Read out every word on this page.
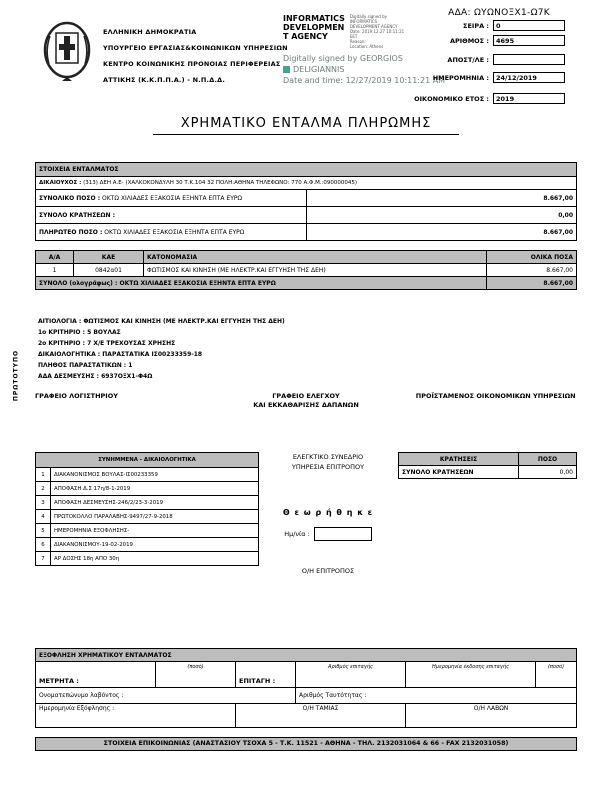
ΕΛΛΗΝΙΚΗ ΔΗΜΟΚΡΑΤΙΑ
ΥΠΟΥΡΓΕΙΟ ΕΡΓΑΣΙΑΣ&ΚΟΙΝΩΝΙΚΩΝ ΥΠΗΡΕΣΙΩΝ
ΚΕΝΤΡΟ ΚΟΙΝΩΝΙΚΗΣ ΠΡΟΝΟΙΑΣ ΠΕΡΙΦΕΡΕΙΑΣ
ΑΤΤΙΚΗΣ (Κ.Κ.Π.Π.Α.) - Ν.Π.Δ.Δ.
INFORMATICS
DEVELOPMEN
T AGENCY
Digitally signed by
INFORMATICS
DEVELOPMENT AGENCY
Date: 2019.12.27 10:11:21
EET
Reason:
Location: Athens
Digitally signed by GEORGIOS
DELIGIANNIS
Date and time: 12/27/2019 10:11:21 AM
ΑΔΑ: ΩΥΩΝΟΞΧ1-Ω7Κ
ΣΕΙΡΑ :	0
ΑΡΙΘΜΟΣ :	4695
ΑΠΟΣΤ/ΛΕ :
ΗΜΕΡΟΜΗΝΙΑ :	24/12/2019
ΟΙΚΟΝΟΜΙΚΟ ΕΤΟΣ :	2019
ΧΡΗΜΑΤΙΚΟ ΕΝΤΑΛΜΑ ΠΛΗΡΩΜΗΣ
ΠΡΩΤΟΤΥΠΟ
ΣΤΟΙΧΕΙΑ ΕΝΤΑΛΜΑΤΟΣ	
ΔΙΚΑΙΟΥΧΟΣ : (313) ΔΕΗ Α.Ε- (ΧΑΛΚΟΚΟΝΔΥΛΗ 30 Τ.Κ.104 32 ΠΟΛΗ:ΑΘΗΝΑ ΤΗΛΕΦΩΝΟ: 770 Α.Φ.Μ.:090000045)	
ΣΥΝΟΛΙΚΟ ΠΟΣΟ : ΟΚΤΩ ΧΙΛΙΑΔΕΣ ΕΞΑΚΟΣΙΑ ΕΞΗΝΤΑ ΕΠΤΑ ΕΥΡΩ	8.667,00
ΣΥΝΟΛΟ ΚΡΑΤΗΣΕΩΝ :	0,00
ΠΛΗΡΩΤΕΟ ΠΟΣΟ : ΟΚΤΩ ΧΙΛΙΑΔΕΣ ΕΞΑΚΟΣΙΑ ΕΞΗΝΤΑ ΕΠΤΑ ΕΥΡΩ	8.667,00
Α/Α	ΚΑΕ	ΚΑΤΟΝΟΜΑΣΙΑ	ΟΛΙΚΑ ΠΟΣΑ
1	0842α01	ΦΩΤΙΣΜΟΣ ΚΑΙ ΚΙΝΗΣΗ (ΜΕ ΗΛΕΚΤΡ.ΚΑΙ ΕΓΓΥΗΣΗ ΤΗΣ ΔΕΗ)	8.667,00
ΣΥΝΟΛΟ (ολογράφως) : ΟΚΤΩ ΧΙΛΙΑΔΕΣ ΕΞΑΚΟΣΙΑ ΕΞΗΝΤΑ ΕΠΤΑ ΕΥΡΩ			8.667,00
ΑΙΤΙΟΛΟΓΙΑ : ΦΩΤΙΣΜΟΣ ΚΑΙ ΚΙΝΗΣΗ (ΜΕ ΗΛΕΚΤΡ.ΚΑΙ ΕΓΓΥΗΣΗ ΤΗΣ ΔΕΗ)
1ο ΚΡΙΤΗΡΙΟ : 5 ΒΟΥΛΑΣ
2ο ΚΡΙΤΗΡΙΟ : 7 Χ/Ε ΤΡΕΧΟΥΣΑΣ ΧΡΗΣΗΣ
ΔΙΚΑΙΟΛΟΓΗΤΙΚΑ : ΠΑΡΑΣΤΑΤΙΚΑ ΙΣ00233359-18
ΠΛΗΘΟΣ ΠΑΡΑΣΤΑΤΙΚΩΝ : 1
ΑΔΑ ΔΕΣΜΕΥΣΗΣ : 6937ΟΞΧ1-Φ4Ω
ΓΡΑΦΕΙΟ ΛΟΓΙΣΤΗΡΙΟΥ	ΓΡΑΦΕΙΟ ΕΛΕΓΧΟΥ
ΚΑΙ ΕΚΚΑΘΑΡΙΣΗΣ ΔΑΠΑΝΩΝ
ΠΡΟΪΣΤΑΜΕΝΟΣ ΟΙΚΟΝΟΜΙΚΩΝ ΥΠΗΡΕΣΙΩΝ
ΣΥΝΗΜΜΕΝΑ - ΔΙΚΑΙΟΛΟΓΗΤΙΚΑ	
1	ΔΙΑΚΑΝΟΝΙΣΜΟΣ ΒΟΥΛΑΣ-ΙΣ00233359
2	ΑΠΟΦΑΣΗ Δ.Σ 17η/8-1-2019
3	ΑΠΟΦΑΣΗ ΔΕΣΜΕΥΣΗΣ-246/2/23-3-2019
4	ΠΡΩΤΟΚΟΛΛΟ ΠΑΡΑΛΑΒΗΣ-9497/27-9-2018
5	ΗΜΕΡΟΜΗΝΙΑ ΕΞΟΦΛΗΣΗΣ-
6	ΔΙΑΚΑΝΟΝΙΣΜΟΥ-19-02-2019
7	ΑΡ ΔΟΣΗΣ 18η ΑΠΟ 30η
ΕΛΕΓΚΤΙΚΟ ΣΥΝΕΔΡΙΟ
ΥΠΗΡΕΣΙΑ ΕΠΙΤΡΟΠΟΥ
Θ ε ω ρ ή θ η κ ε
Ημ/νία :
Ο/Η ΕΠΙΤΡΟΠΟΣ
ΚΡΑΤΗΣΕΙΣ	ΠΟΣΟ
ΣΥΝΟΛΟ ΚΡΑΤΗΣΕΩΝ	0,00
ΕΞΟΦΛΗΣΗ ΧΡΗΜΑΤΙΚΟΥ ΕΝΤΑΛΜΑΤΟΣ					

ΜΕΤΡΗΤΑ :	(ποσό)	ΕΠΙΤΑΓΗ :	Αριθμός επιταγής	Ημερομηνία έκδοσης επιταγής	(ποσό)

Ονοματεπώνυμο λαβόντος :			Αριθμός Ταυτότητας :		
Ημερομηνία Εξόφλησης :		Ο/Η ΤΑΜΙΑΣ		Ο/Η ΛΑΒΩΝ	
ΣΤΟΙΧΕΙΑ ΕΠΙΚΟΙΝΩΝΙΑΣ (ΑΝΑΣΤΑΣΙΟΥ ΤΣΟΧΑ 5 - Τ.Κ. 11521 - ΑΘΗΝΑ - ΤΗΛ. 2132031064 & 66 - FAX 2132031058)
